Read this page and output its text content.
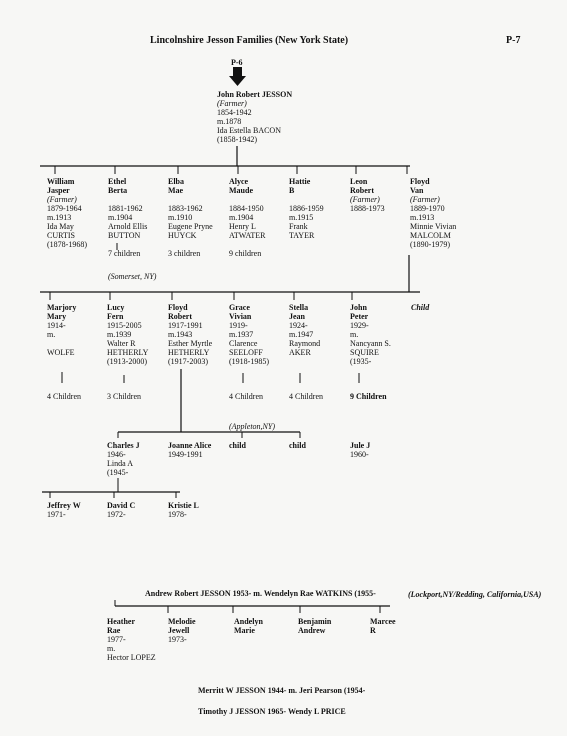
Lincolnshire Jesson Families (New York State)	P-7
P-6
John Robert JESSON
(Farmer)
1854-1942
m.1878
Ida Estella BACON
(1858-1942)
William
Jasper
(Farmer)
1879-1964
m.1913
Ida May
CURTIS
(1878-1968)
Ethel
Berta
1881-1962
m.1904
Arnold Ellis
BUTTON
7 children
Elba
Mae
1883-1962
m.1910
Eugene Pryne
HUYCK
3 children
Alyce
Maude
1884-1950
m.1904
Henry L
ATWATER
9 children
Hattie
B
1886-1959
m.1915
Frank
TAYER
Leon
Robert
(Farmer)
1888-1973
Floyd
Van
(Farmer)
1889-1970
m.1913
Minnie Vivian
MALCOLM
(1890-1979)
(Somerset, NY)
Marjory
Mary
1914-
m.
WOLFE
Lucy
Fern
1915-2005
m.1939
Walter R
HETHERLY
(1913-2000)
Floyd
Robert
1917-1991
m.1943
Esther Myrtle
HETHERLY
(1917-2003)
Grace
Vivian
1919-
m.1937
Clarence
SEELOFF
(1918-1985)
Stella
Jean
1924-
m.1947
Raymond
AKER
John
Peter
1929-
m.
Nancyann S.
SQUIRE
(1935-
Child
4 Children	3 Children	4 Children	4 Children	9 Children
(Appleton,NY)
Charles J
1946-
Linda A
(1945-
Joanne Alice
1949-1991
child	child	Jule J
1960-
Jeffrey W
1971-
David C
1972-
Kristie L
1978-
Andrew Robert JESSON 1953- m. Wendelyn Rae WATKINS (1955-	(Lockport,NY/Redding, California,USA)
Heather
Rae
1977-
m.
Hector LOPEZ
Melodie
Jewell
1973-
Andelyn
Marie
Benjamin
Andrew
Marcee
R
Merritt W JESSON 1944- m. Jeri Pearson (1954-
Timothy J JESSON 1965- Wendy L PRICE
